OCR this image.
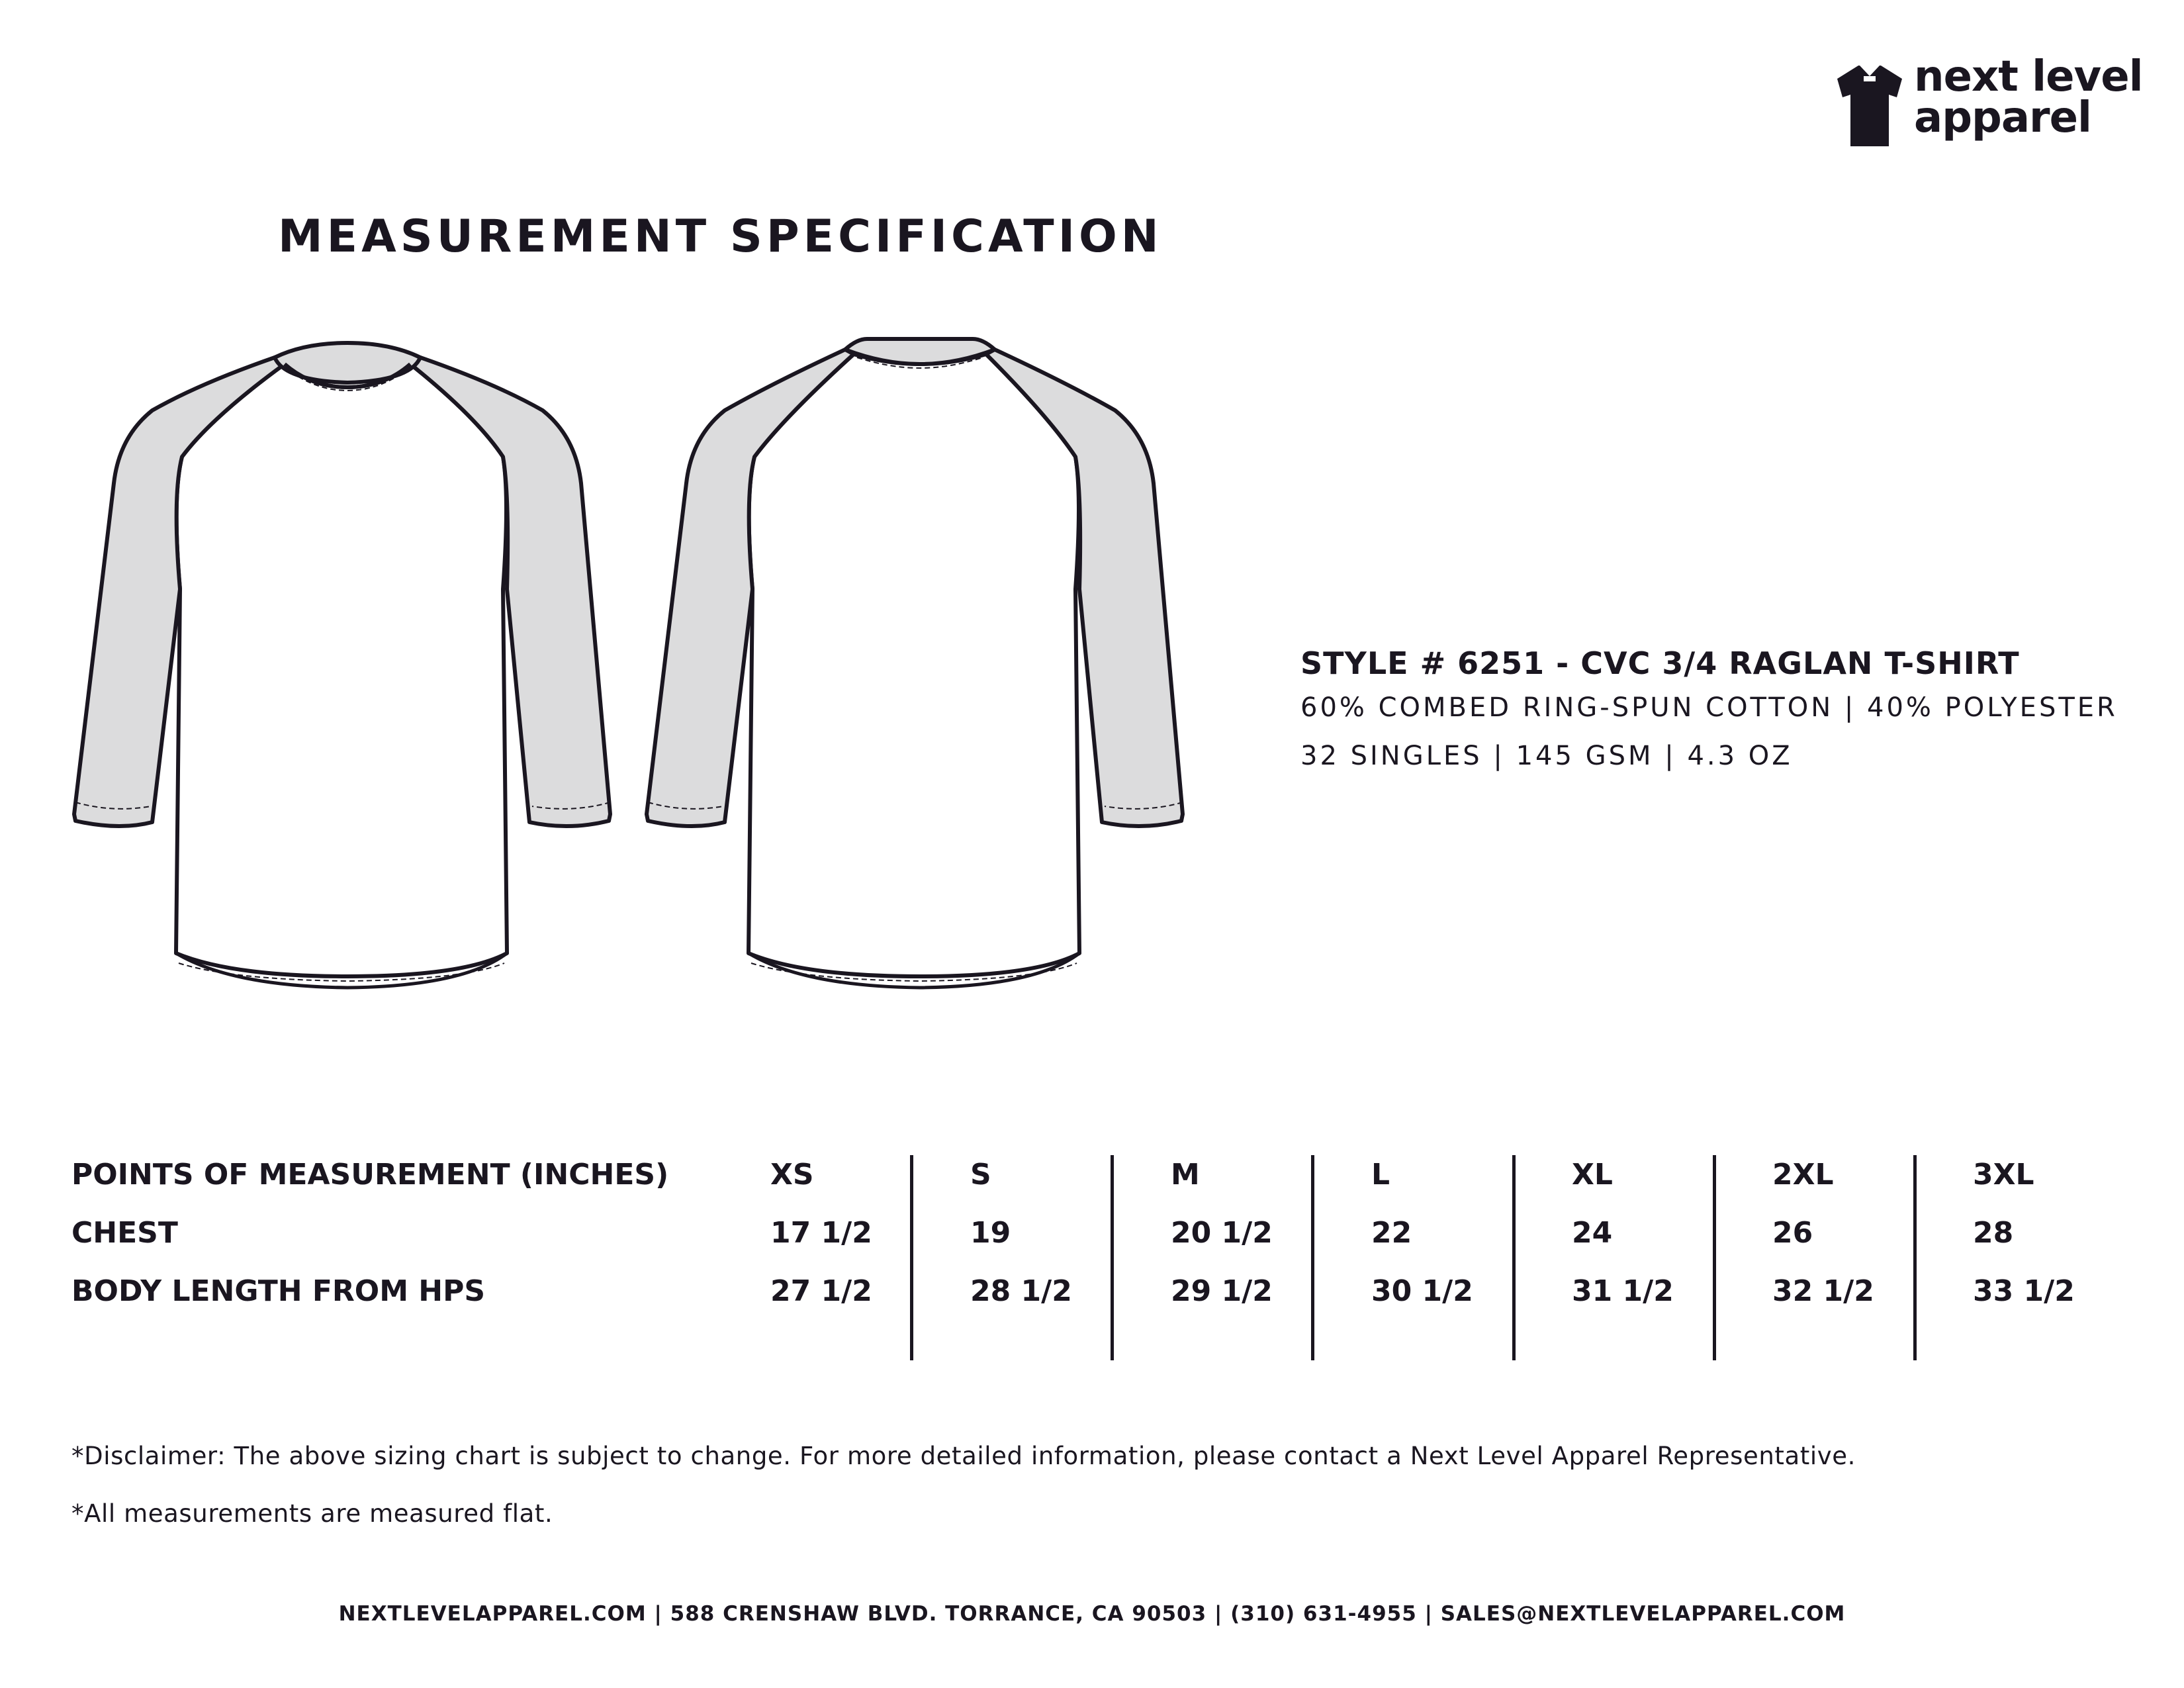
next level
apparel
MEASUREMENT SPECIFICATION
STYLE # 6251 - CVC 3/4 RAGLAN T-SHIRT
60% COMBED RING-SPUN COTTON | 40% POLYESTER
32 SINGLES | 145 GSM | 4.3 OZ
POINTS OF MEASUREMENT (INCHES)
CHEST
BODY LENGTH FROM HPS
XS
17 1/2
27 1/2
S
19
28 1/2
M
20 1/2
29 1/2
L
22
30 1/2
XL
24
31 1/2
2XL
26
32 1/2
3XL
28
33 1/2
*Disclaimer: The above sizing chart is subject to change. For more detailed information, please contact a Next Level Apparel Representative.
*All measurements are measured flat.
NEXTLEVELAPPAREL.COM | 588 CRENSHAW BLVD. TORRANCE, CA 90503 | (310) 631-4955 | SALES@NEXTLEVELAPPAREL.COM
